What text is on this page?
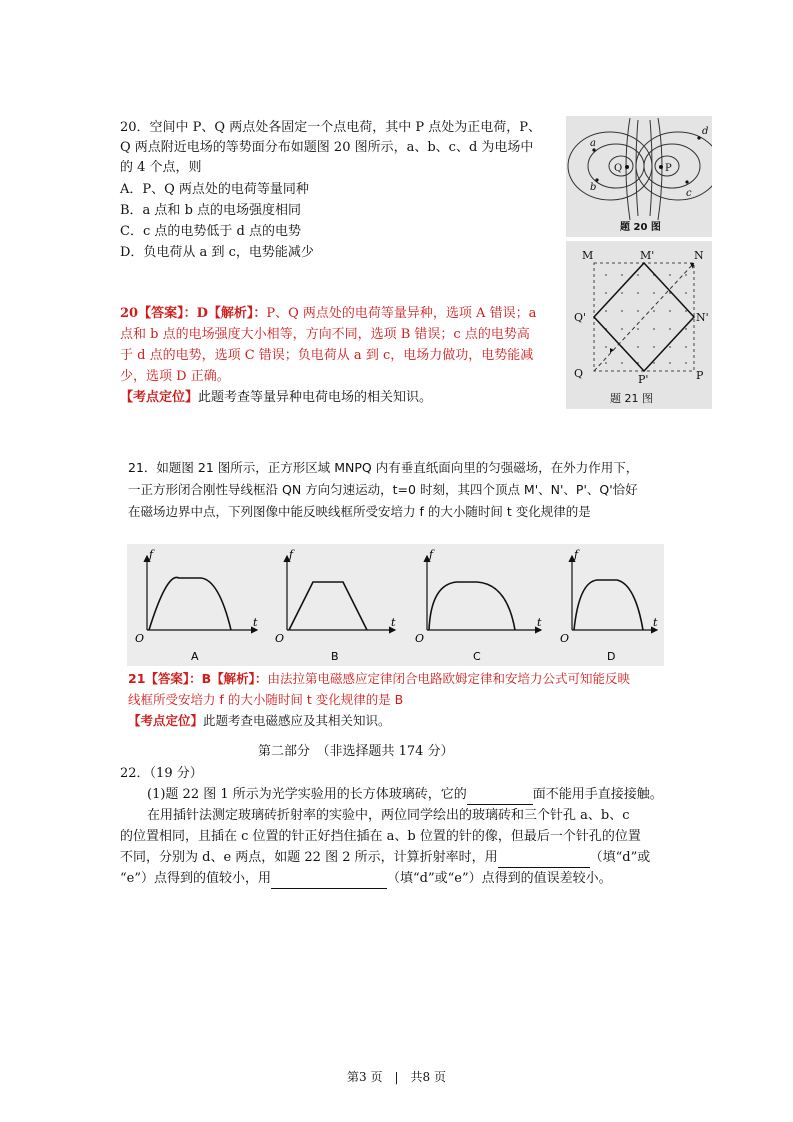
20．空间中 P、Q 两点处各固定一个点电荷，其中 P 点处为正电荷，P、
Q 两点附近电场的等势面分布如题图 20 图所示，a、b、c、d 为电场中
的 4 个点，则
A．P、Q 两点处的电荷等量同种
B．a 点和 b 点的电场强度相同
C．c 点的电势低于 d 点的电势
D．负电荷从 a 到 c，电势能减少
a
b
c
d
Q	P
题 20 图
M	M'	N
N'
Q'
Q	P
P'
题 21 图
20【答案】：D【解析】：P、Q 两点处的电荷等量异种，选项 A 错误；a
点和 b 点的电场强度大小相等，方向不同，选项 B 错误；c 点的电势高
于 d 点的电势，选项 C 错误；负电荷从 a 到 c，电场力做功，电势能减
少，选项 D 正确。
【考点定位】此题考查等量异种电荷电场的相关知识。
21．如题图 21 图所示，正方形区域 MNPQ 内有垂直纸面向里的匀强磁场，在外力作用下，
一正方形闭合刚性导线框沿 QN 方向匀速运动，t=0 时刻，其四个顶点 M'、N'、P'、Q'恰好
在磁场边界中点，下列图像中能反映线框所受安培力 f 的大小随时间 t 变化规律的是
O
f
t
A
O
f
t
B
O
f
t
C
O
f
t
D
21【答案】：B【解析】：由法拉第电磁感应定律闭合电路欧姆定律和安培力公式可知能反映
线框所受安培力 f 的大小随时间 t 变化规律的是 B
【考点定位】此题考查电磁感应及其相关知识。
第二部分　（非选择题共 174 分）
22．（19 分）
(1)题 22 图 1 所示为光学实验用的长方体玻璃砖，它的	面不能用手直接接触。
在用插针法测定玻璃砖折射率的实验中，两位同学绘出的玻璃砖和三个针孔 a、b、c
的位置相同，且插在 c 位置的针正好挡住插在 a、b 位置的针的像，但最后一个针孔的位置
不同，分别为 d、e 两点，如题 22 图 2 所示，计算折射率时，用	（填“d”或
“e”）点得到的值较小，用	（填“d”或“e”）点得到的值误差较小。
第3 页　|　共8 页
